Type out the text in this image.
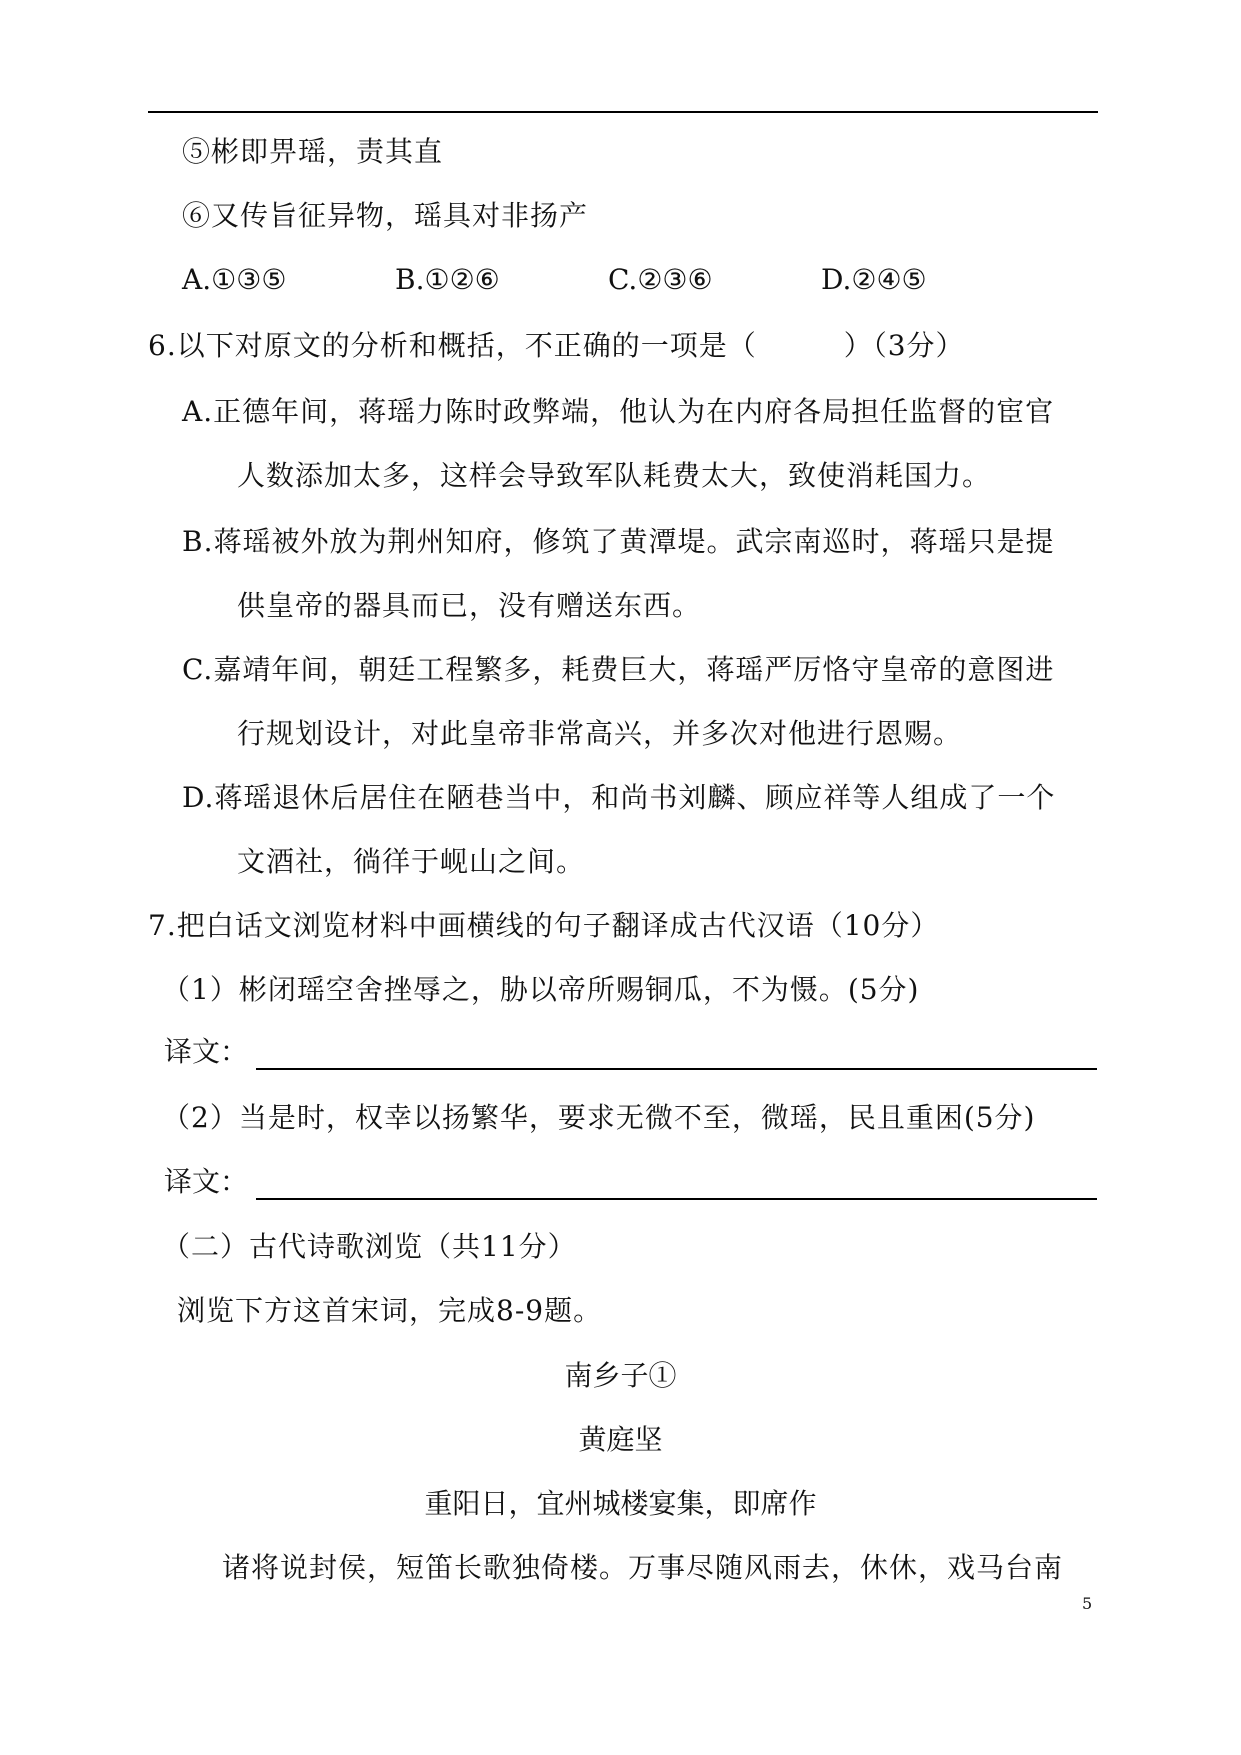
⑤彬即畀瑶，责其直
⑥又传旨征异物，瑶具对非扬产
A.①③⑤	B.①②⑥	C.②③⑥	D.②④⑤
6.以下对原文的分析和概括，不正确的一项是（　　　）（3分）
A.正德年间，蒋瑶力陈时政弊端，他认为在内府各局担任监督的宦官
人数添加太多，这样会导致军队耗费太大，致使消耗国力。
B.蒋瑶被外放为荆州知府，修筑了黄潭堤。武宗南巡时，蒋瑶只是提
供皇帝的器具而已，没有赠送东西。
C.嘉靖年间，朝廷工程繁多，耗费巨大，蒋瑶严厉恪守皇帝的意图进
行规划设计，对此皇帝非常高兴，并多次对他进行恩赐。
D.蒋瑶退休后居住在陋巷当中，和尚书刘麟、顾应祥等人组成了一个
文酒社，徜徉于岘山之间。
7.把白话文浏览材料中画横线的句子翻译成古代汉语（10分）
（1）彬闭瑶空舍挫辱之，胁以帝所赐铜瓜，不为慑。(5分)
译文：
（2）当是时，权幸以扬繁华，要求无微不至，微瑶，民且重困(5分)
译文：
（二）古代诗歌浏览（共11分）
浏览下方这首宋词，完成8-9题。
南乡子①
黄庭坚
重阳日，宜州城楼宴集，即席作
诸将说封侯，短笛长歌独倚楼。万事尽随风雨去，休休，戏马台南
5
